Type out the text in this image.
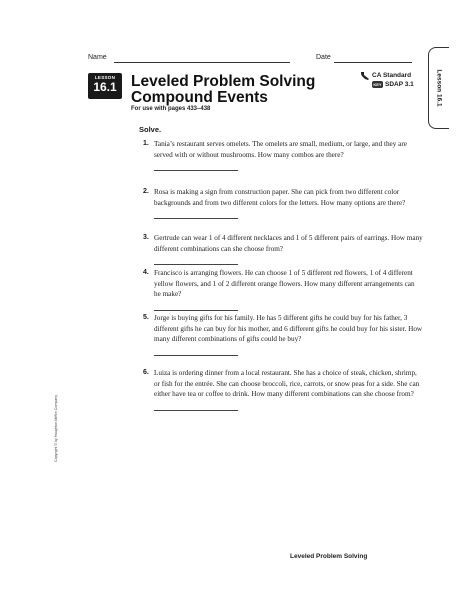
Name	Date
Lesson 16.1
LESSON
16.1 Leveled Problem Solving
Compound Events
For use with pages 433–438
CA Standard
KEY SDAP 3.1
Solve.
1. Tania’s restaurant serves omelets. The omelets are small, medium, or large, and they are served with or without mushrooms. How many combos are there?
2. Rosa is making a sign from construction paper. She can pick from two different color backgrounds and from two different colors for the letters. How many options are there?
3. Gertrude can wear 1 of 4 different necklaces and 1 of 5 different pairs of earrings. How many different combinations can she choose from?
4. Francisco is arranging flowers. He can choose 1 of 5 different red flowers, 1 of 4 different yellow flowers, and 1 of 2 different orange flowers. How many different arrangements can he make?
5. Jorge is buying gifts for his family. He has 5 different gifts he could buy for his father, 3 different gifts he can buy for his mother, and 6 different gifts he could buy for his sister. How many different combinations of gifts could he buy?
6. Luiza is ordering dinner from a local restaurant. She has a choice of steak, chicken, shrimp, or fish for the entrée. She can choose broccoli, rice, carrots, or snow peas for a side. She can either have tea or coffee to drink. How many different combinations can she choose from?
Copyright © by Houghton Mifflin Company
Leveled Problem Solving
